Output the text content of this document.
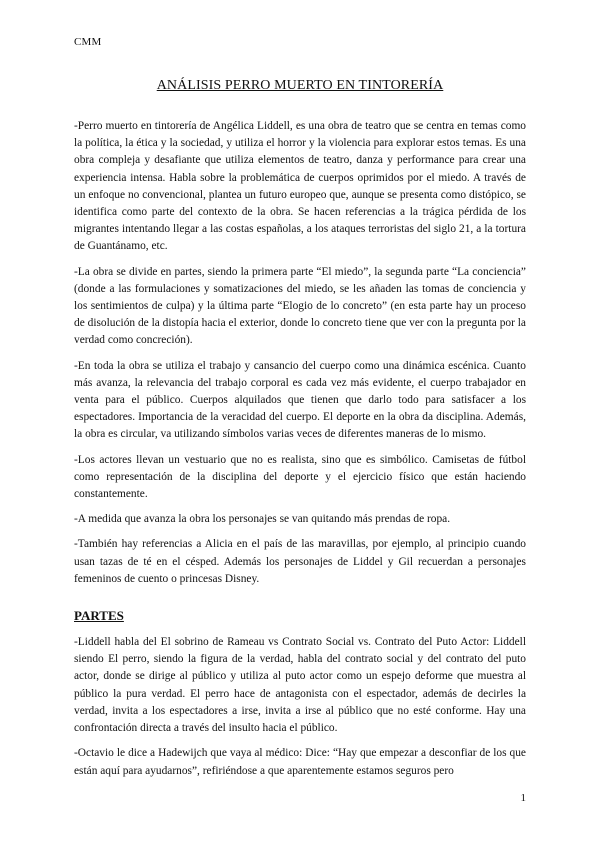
CMM
ANÁLISIS PERRO MUERTO EN TINTORERÍA

-Perro muerto en tintorería de Angélica Liddell, es una obra de teatro que se centra en temas como la política, la ética y la sociedad, y utiliza el horror y la violencia para explorar estos temas. Es una obra compleja y desafiante que utiliza elementos de teatro, danza y performance para crear una experiencia intensa. Habla sobre la problemática de cuerpos oprimidos por el miedo. A través de un enfoque no convencional, plantea un futuro europeo que, aunque se presenta como distópico, se identifica como parte del contexto de la obra. Se hacen referencias a la trágica pérdida de los migrantes intentando llegar a las costas españolas, a los ataques terroristas del siglo 21, a la tortura de Guantánamo, etc.

-La obra se divide en partes, siendo la primera parte “El miedo”, la segunda parte “La conciencia” (donde a las formulaciones y somatizaciones del miedo, se les añaden las tomas de conciencia y los sentimientos de culpa) y la última parte “Elogio de lo concreto” (en esta parte hay un proceso de disolución de la distopía hacia el exterior, donde lo concreto tiene que ver con la pregunta por la verdad como concreción).

-En toda la obra se utiliza el trabajo y cansancio del cuerpo como una dinámica escénica. Cuanto más avanza, la relevancia del trabajo corporal es cada vez más evidente, el cuerpo trabajador en venta para el público. Cuerpos alquilados que tienen que darlo todo para satisfacer a los espectadores. Importancia de la veracidad del cuerpo. El deporte en la obra da disciplina. Además, la obra es circular, va utilizando símbolos varias veces de diferentes maneras de lo mismo.

-Los actores llevan un vestuario que no es realista, sino que es simbólico. Camisetas de fútbol como representación de la disciplina del deporte y el ejercicio físico que están haciendo constantemente.

-A medida que avanza la obra los personajes se van quitando más prendas de ropa.

-También hay referencias a Alicia en el país de las maravillas, por ejemplo, al principio cuando usan tazas de té en el césped. Además los personajes de Liddel y Gil recuerdan a personajes femeninos de cuento o princesas Disney.

PARTES

-Liddell habla del El sobrino de Rameau vs Contrato Social vs. Contrato del Puto Actor: Liddell siendo El perro, siendo la figura de la verdad, habla del contrato social y del contrato del puto actor, donde se dirige al público y utiliza al puto actor como un espejo deforme que muestra al público la pura verdad. El perro hace de antagonista con el espectador, además de decirles la verdad, invita a los espectadores a irse, invita a irse al público que no esté conforme. Hay una confrontación directa a través del insulto hacia el público.

-Octavio le dice a Hadewijch que vaya al médico: Dice: “Hay que empezar a desconfiar de los que están aquí para ayudarnos”, refiriéndose a que aparentemente estamos seguros pero

1
